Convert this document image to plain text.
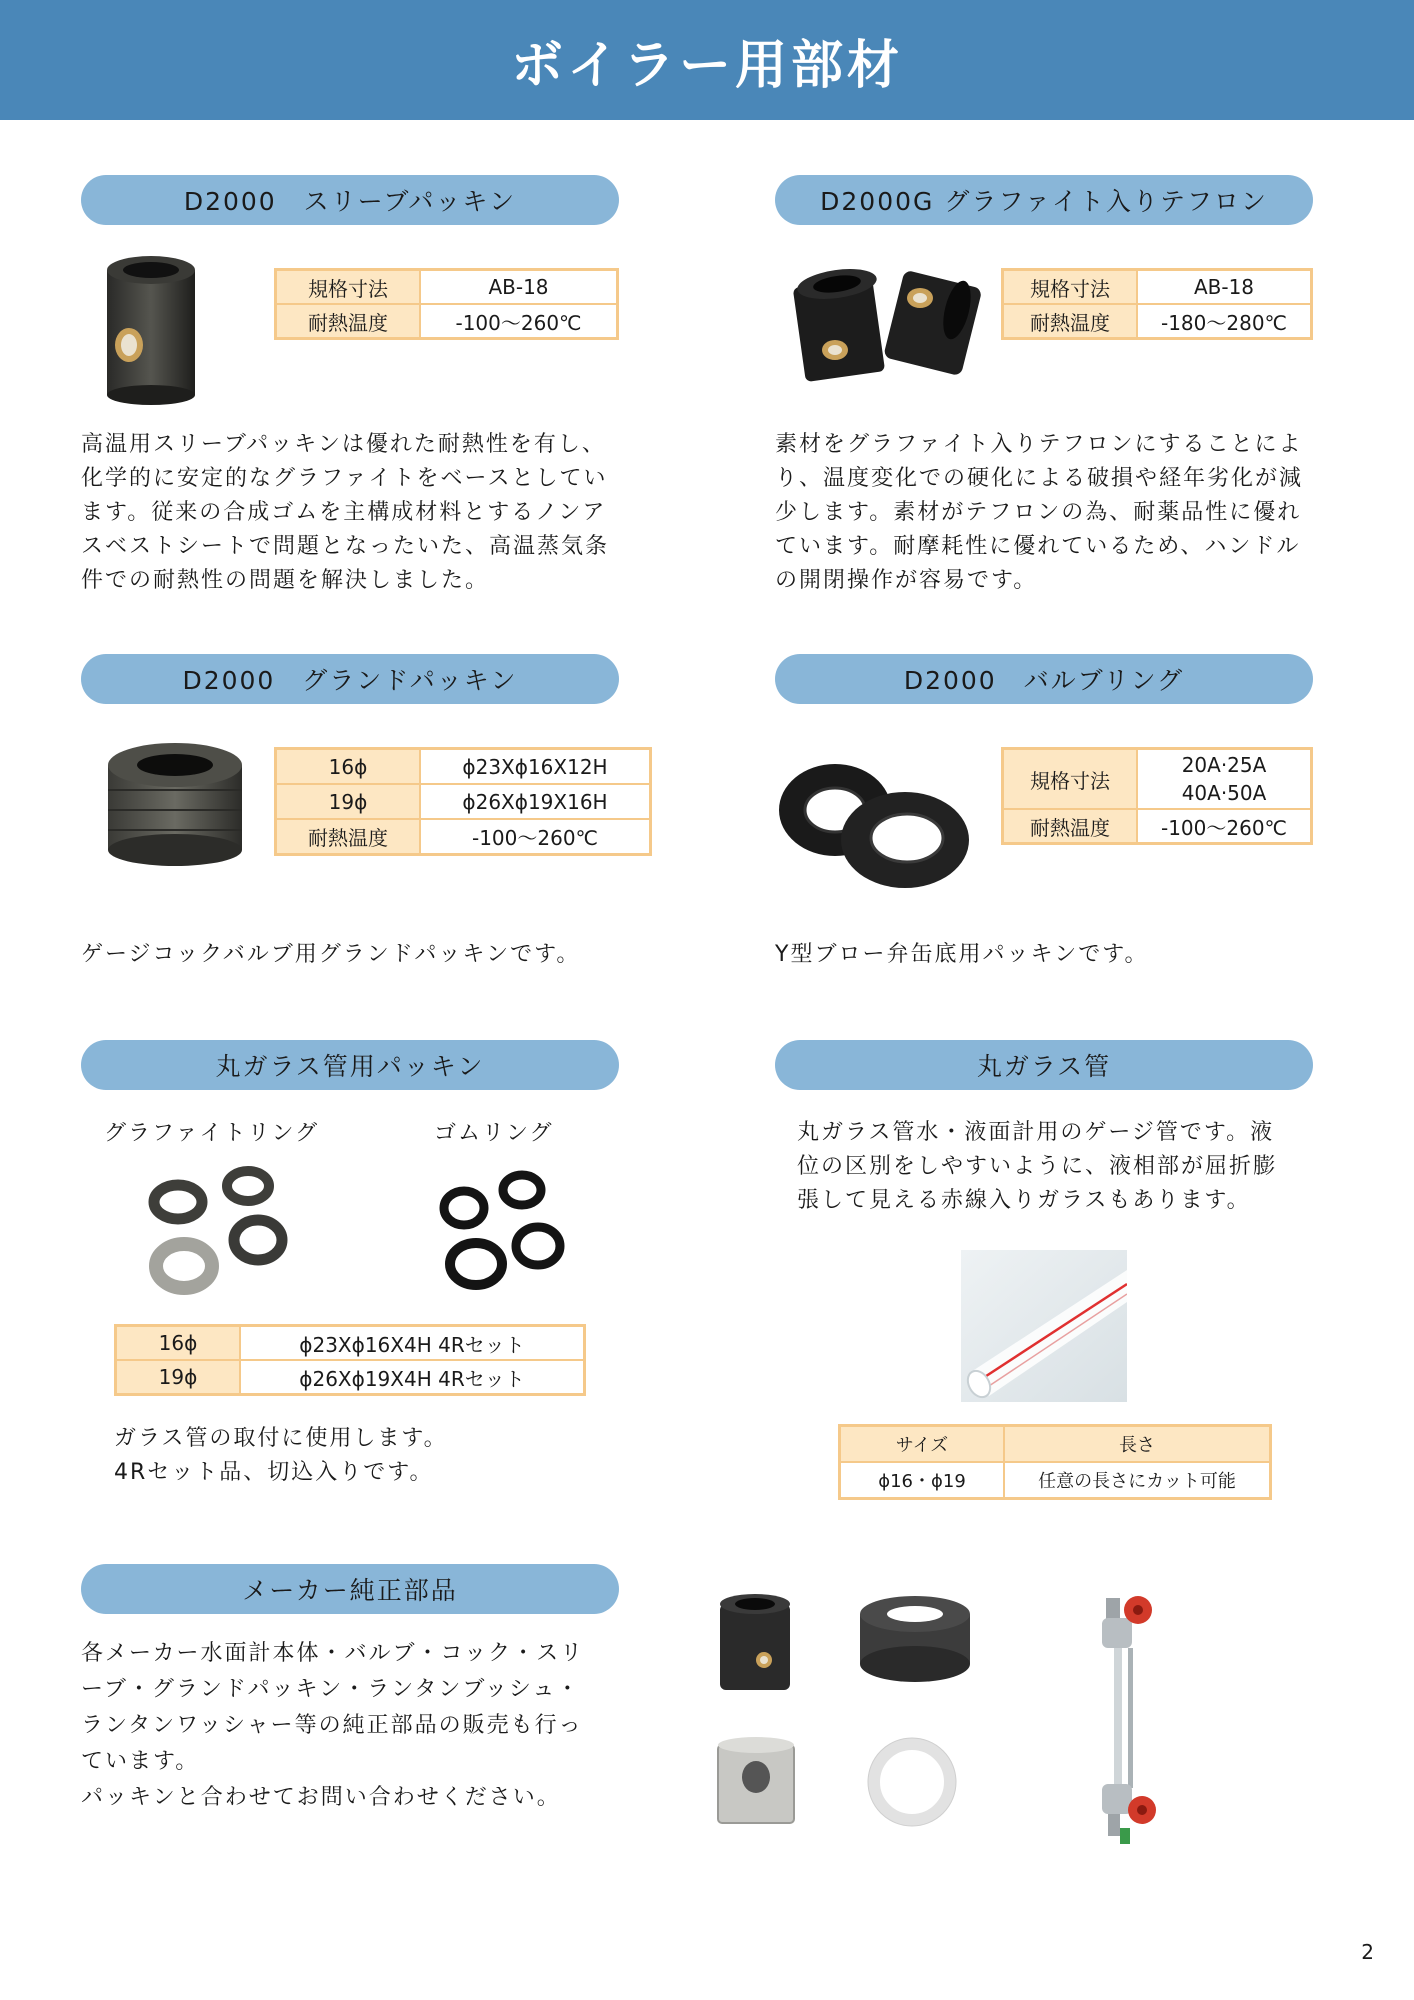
ボイラー用部材
D2000　スリーブパッキン
規格寸法	AB-18
耐熱温度	-100〜260℃
高温用スリーブパッキンは優れた耐熱性を有し、
化学的に安定的なグラファイトをベースとしてい
ます。従来の合成ゴムを主構成材料とするノンア
スベストシートで問題となったいた、高温蒸気条
件での耐熱性の問題を解決しました。
D2000G グラファイト入りテフロン
規格寸法	AB-18
耐熱温度	-180〜280℃
素材をグラファイト入りテフロンにすることによ
り、温度変化での硬化による破損や経年劣化が減
少します。素材がテフロンの為、耐薬品性に優れ
ています。耐摩耗性に優れているため、ハンドル
の開閉操作が容易です。
D2000　グランドパッキン
16ϕ	ϕ23Xϕ16X12H
19ϕ	ϕ26Xϕ19X16H
耐熱温度	-100〜260℃
ゲージコックバルブ用グランドパッキンです。
D2000　バルブリング
規格寸法	20A·25A
40A·50A

耐熱温度	-100〜260℃
Y型ブロー弁缶底用パッキンです。
丸ガラス管用パッキン
グラファイトリング	ゴムリング
16ϕ	ϕ23Xϕ16X4H 4Rセット
19ϕ	ϕ26Xϕ19X4H 4Rセット
ガラス管の取付に使用します。
4Rセット品、切込入りです。
丸ガラス管
丸ガラス管水・液面計用のゲージ管です。液
位の区別をしやすいように、液相部が屈折膨
張して見える赤線入りガラスもあります。
サイズ	長さ
ϕ16・ϕ19	任意の長さにカット可能
メーカー純正部品
各メーカー水面計本体・バルブ・コック・スリ
ーブ・グランドパッキン・ランタンブッシュ・
ランタンワッシャー等の純正部品の販売も行っ
ています。
パッキンと合わせてお問い合わせください。
2
